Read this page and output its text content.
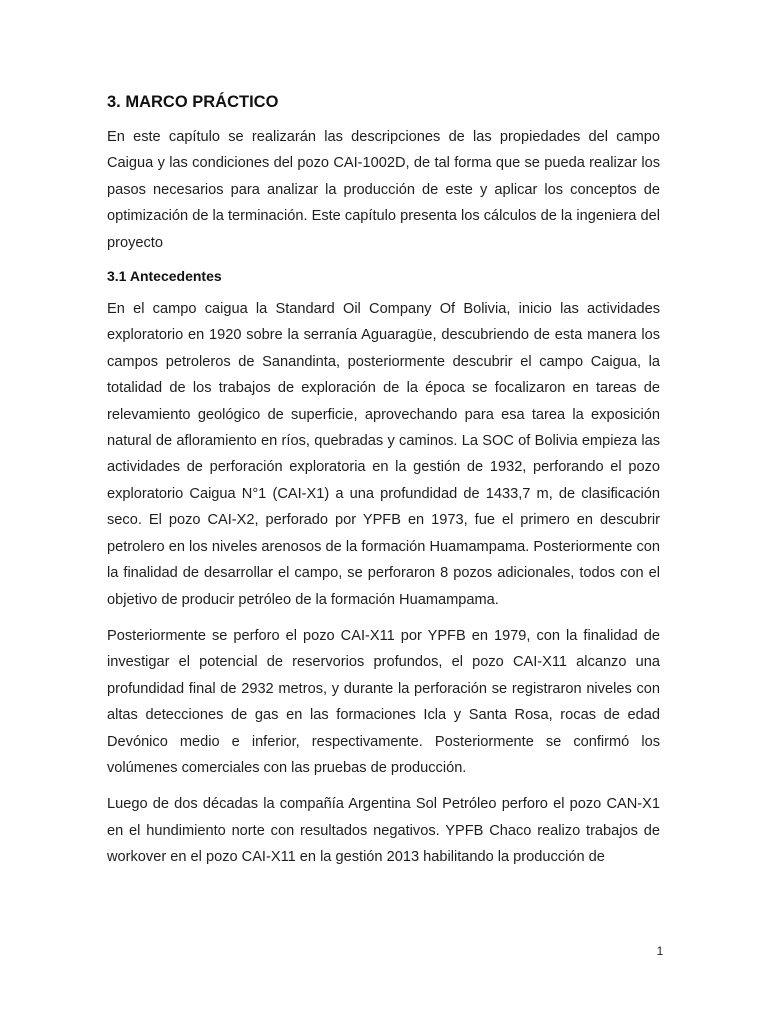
3. MARCO PRÁCTICO

En este capítulo se realizarán las descripciones de las propiedades del campo Caigua y las condiciones del pozo CAI-1002D, de tal forma que se pueda realizar los pasos necesarios para analizar la producción de este y aplicar los conceptos de optimización de la terminación. Este capítulo presenta los cálculos de la ingeniera del proyecto

3.1 Antecedentes

En el campo caigua la Standard Oil Company Of Bolivia, inicio las actividades exploratorio en 1920 sobre la serranía Aguaragüe, descubriendo de esta manera los campos petroleros de Sanandinta, posteriormente descubrir el campo Caigua, la totalidad de los trabajos de exploración de la época se focalizaron en tareas de relevamiento geológico de superficie, aprovechando para esa tarea la exposición natural de afloramiento en ríos, quebradas y caminos. La SOC of Bolivia empieza las actividades de perforación exploratoria en la gestión de 1932, perforando el pozo exploratorio Caigua N°1 (CAI-X1) a una profundidad de 1433,7 m, de clasificación seco. El pozo CAI-X2, perforado por YPFB en 1973, fue el primero en descubrir petrolero en los niveles arenosos de la formación Huamampama. Posteriormente con la finalidad de desarrollar el campo, se perforaron 8 pozos adicionales, todos con el objetivo de producir petróleo de la formación Huamampama.

Posteriormente se perforo el pozo CAI-X11 por YPFB en 1979, con la finalidad de investigar el potencial de reservorios profundos, el pozo CAI-X11 alcanzo una profundidad final de 2932 metros, y durante la perforación se registraron niveles con altas detecciones de gas en las formaciones Icla y Santa Rosa, rocas de edad Devónico medio e inferior, respectivamente. Posteriormente se confirmó los volúmenes comerciales con las pruebas de producción.

Luego de dos décadas la compañía Argentina Sol Petróleo perforo el pozo CAN-X1 en el hundimiento norte con resultados negativos. YPFB Chaco realizo trabajos de workover en el pozo CAI-X11 en la gestión 2013 habilitando la producción de

1
